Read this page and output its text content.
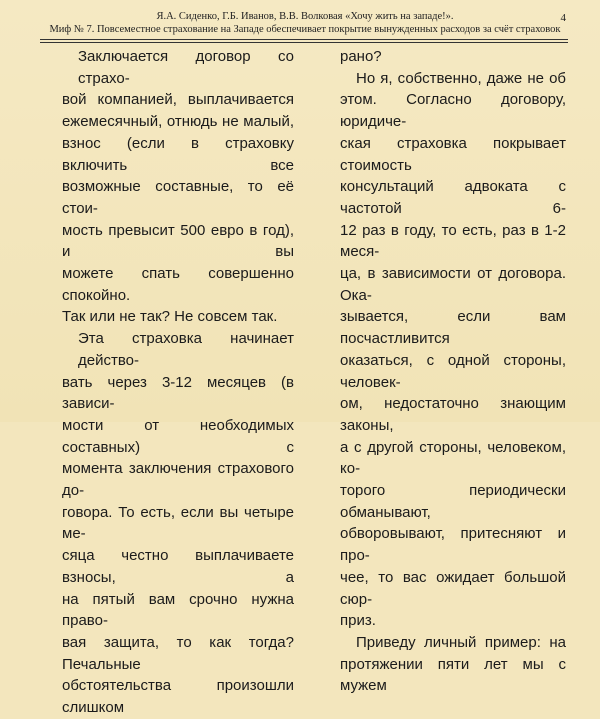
Я.А. Сиденко, Г.Б. Иванов, В.В. Волковая «Хочу жить на западе!».
Миф № 7. Повсеместное страхование на Западе обеспечивает покрытие вынужденных расходов за счёт страховок
4
Заключается договор со страхо-
вой компанией, выплачивается
ежемесячный, отнюдь не малый,
взнос (если в страховку включить все
возможные составные, то её стои-
мость превысит 500 евро в год), и вы
можете спать совершенно спокойно.
Так или не так? Не совсем так.
Эта страховка начинает действо-
вать через 3-12 месяцев (в зависи-
мости от необходимых составных) с
момента заключения страхового до-
говора. То есть, если вы четыре ме-
сяца честно выплачиваете взносы, а
на пятый вам срочно нужна право-
вая защита, то как тогда? Печальные
обстоятельства произошли слишком
рано?
Но я, собственно, даже не об
этом. Согласно договору, юридиче-
ская страховка покрывает стоимость
консультаций адвоката с частотой 6-
12 раз в году, то есть, раз в 1-2 меся-
ца, в зависимости от договора. Ока-
зывается, если вам посчастливится
оказаться, с одной стороны, человек-
ом, недостаточно знающим законы,
а с другой стороны, человеком, ко-
торого периодически обманывают,
обворовывают, притесняют и про-
чее, то вас ожидает большой сюр-
приз.
Приведу личный пример: на
протяжении пяти лет мы с мужем
